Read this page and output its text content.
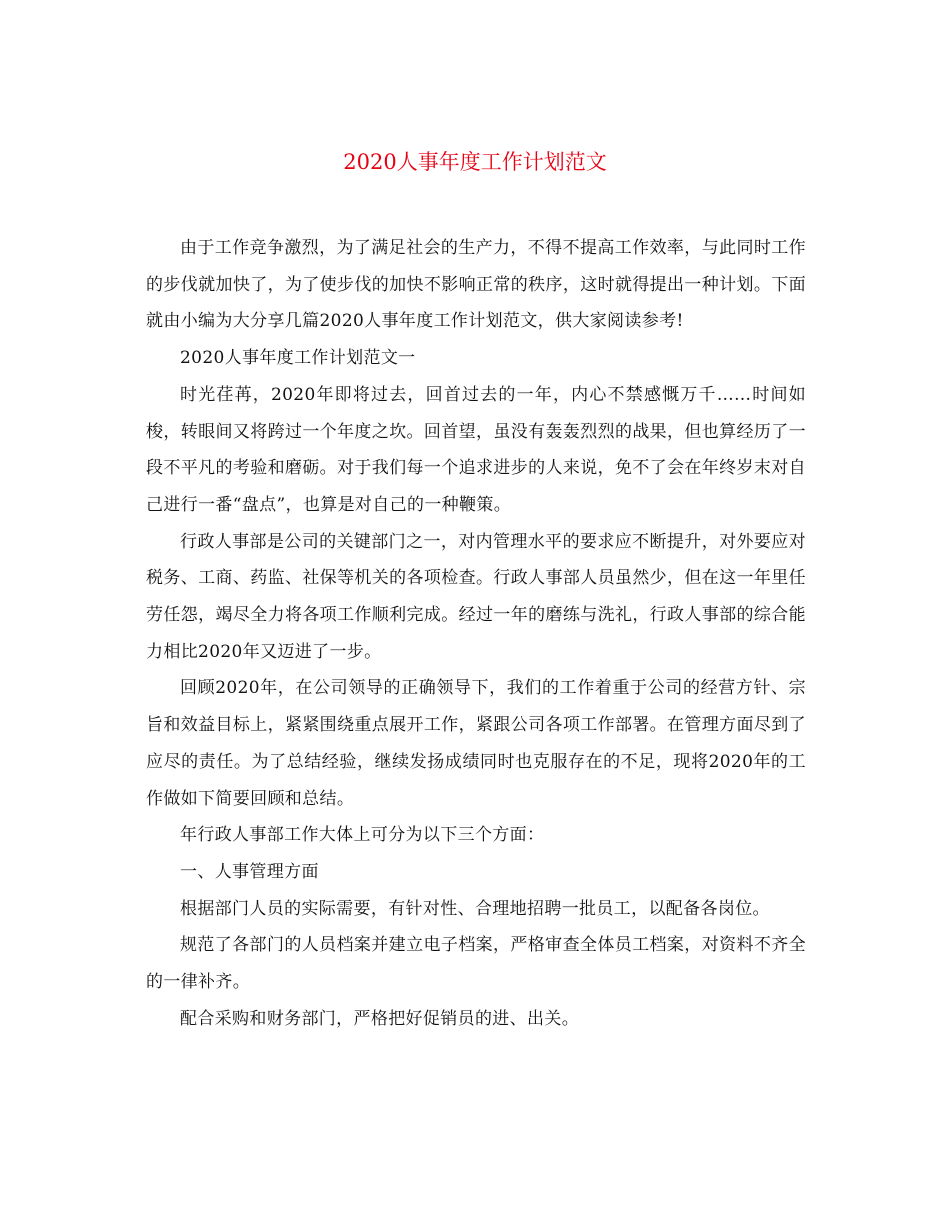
2020人事年度工作计划范文

由于工作竞争激烈，为了满足社会的生产力，不得不提高工作效率，与此同时工作的步伐就加快了，为了使步伐的加快不影响正常的秩序，这时就得提出一种计划。下面就由小编为大分享几篇2020人事年度工作计划范文，供大家阅读参考!

2020人事年度工作计划范文一

时光荏苒，2020年即将过去，回首过去的一年，内心不禁感慨万千……时间如梭，转眼间又将跨过一个年度之坎。回首望，虽没有轰轰烈烈的战果，但也算经历了一段不平凡的考验和磨砺。对于我们每一个追求进步的人来说，免不了会在年终岁末对自己进行一番“盘点”，也算是对自己的一种鞭策。

行政人事部是公司的关键部门之一，对内管理水平的要求应不断提升，对外要应对税务、工商、药监、社保等机关的各项检查。行政人事部人员虽然少，但在这一年里任劳任怨，竭尽全力将各项工作顺利完成。经过一年的磨练与洗礼，行政人事部的综合能力相比2020年又迈进了一步。

回顾2020年，在公司领导的正确领导下，我们的工作着重于公司的经营方针、宗旨和效益目标上，紧紧围绕重点展开工作，紧跟公司各项工作部署。在管理方面尽到了应尽的责任。为了总结经验，继续发扬成绩同时也克服存在的不足，现将2020年的工作做如下简要回顾和总结。

年行政人事部工作大体上可分为以下三个方面：

一、人事管理方面

根据部门人员的实际需要，有针对性、合理地招聘一批员工，以配备各岗位。

规范了各部门的人员档案并建立电子档案，严格审查全体员工档案，对资料不齐全的一律补齐。

配合采购和财务部门，严格把好促销员的进、出关。
